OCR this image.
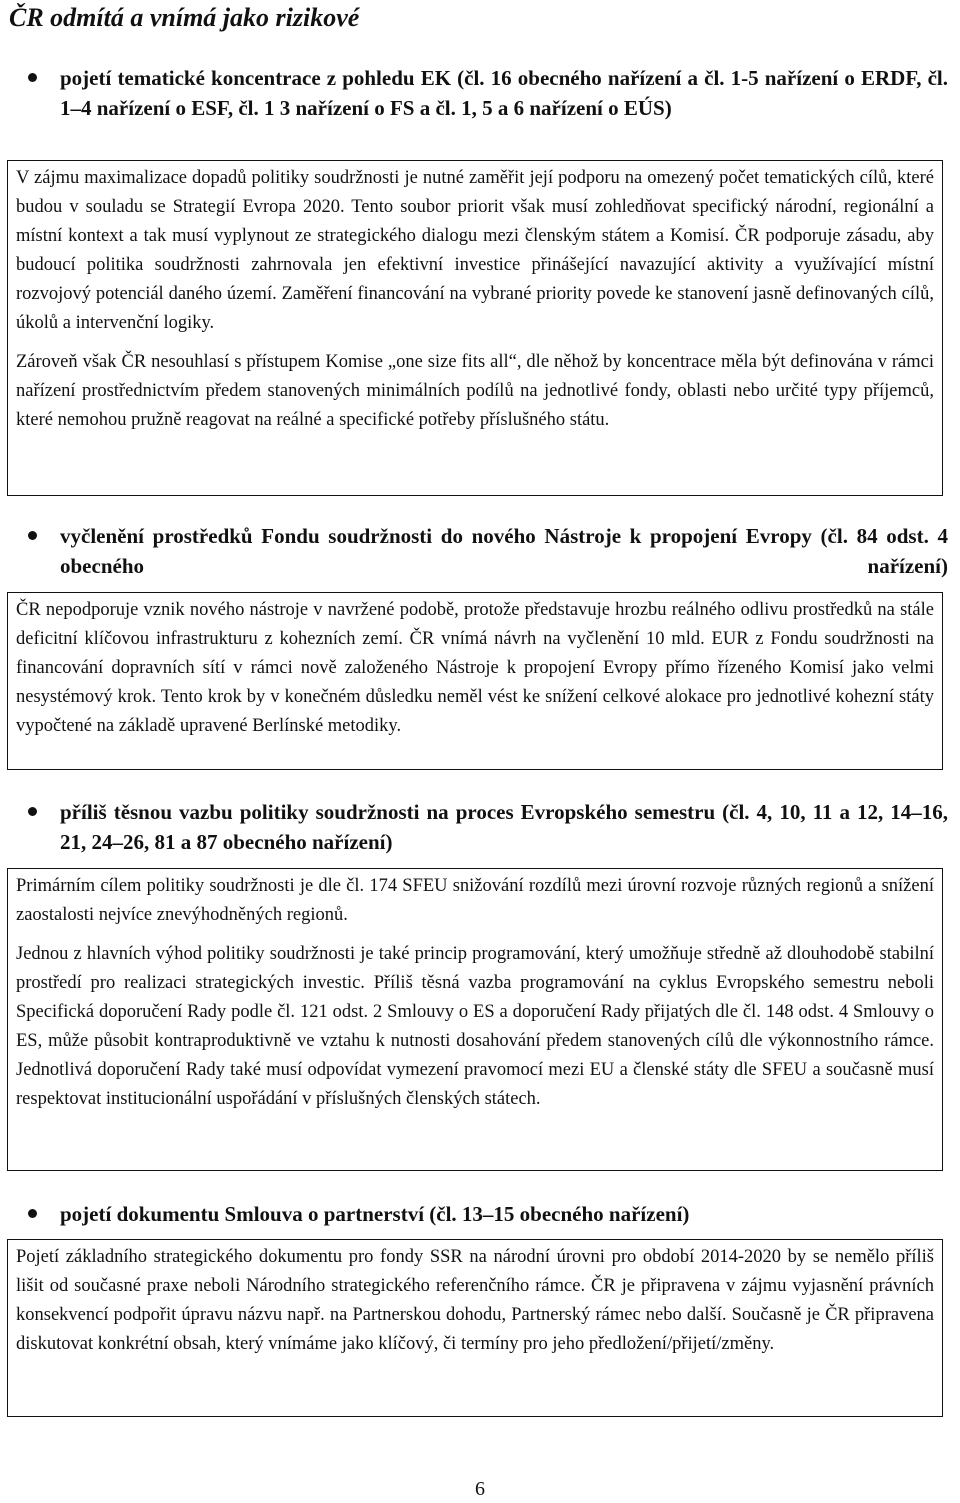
ČR odmítá a vnímá jako rizikové
pojetí tematické koncentrace z pohledu EK (čl. 16 obecného nařízení a čl. 1-5 nařízení o ERDF, čl. 1–4 nařízení o ESF, čl. 1 3 nařízení o FS a čl. 1, 5 a 6 nařízení o EÚS)

V zájmu maximalizace dopadů politiky soudržnosti je nutné zaměřit její podporu na omezený počet tematických cílů, které budou v souladu se Strategií Evropa 2020. Tento soubor priorit však musí zohledňovat specifický národní, regionální a místní kontext a tak musí vyplynout ze strategického dialogu mezi členským státem a Komisí. ČR podporuje zásadu, aby budoucí politika soudržnosti zahrnovala jen efektivní investice přinášející navazující aktivity a využívající místní rozvojový potenciál daného území. Zaměření financování na vybrané priority povede ke stanovení jasně definovaných cílů, úkolů a intervenční logiky.

Zároveň však ČR nesouhlasí s přístupem Komise „one size fits all“, dle něhož by koncentrace měla být definována v rámci nařízení prostřednictvím předem stanovených minimálních podílů na jednotlivé fondy, oblasti nebo určité typy příjemců, které nemohou pružně reagovat na reálné a specifické potřeby příslušného státu.

vyčlenění prostředků Fondu soudržnosti do nového Nástroje k propojení Evropy (čl. 84 odst. 4 obecného nařízení)

ČR nepodporuje vznik nového nástroje v navržené podobě, protože představuje hrozbu reálného odlivu prostředků na stále deficitní klíčovou infrastrukturu z kohezních zemí. ČR vnímá návrh na vyčlenění 10 mld. EUR z Fondu soudržnosti na financování dopravních sítí v rámci nově založeného Nástroje k propojení Evropy přímo řízeného Komisí jako velmi nesystémový krok. Tento krok by v konečném důsledku neměl vést ke snížení celkové alokace pro jednotlivé kohezní státy vypočtené na základě upravené Berlínské metodiky.

příliš těsnou vazbu politiky soudržnosti na proces Evropského semestru (čl. 4, 10, 11 a 12, 14–16, 21, 24–26, 81 a 87 obecného nařízení)

Primárním cílem politiky soudržnosti je dle čl. 174 SFEU snižování rozdílů mezi úrovní rozvoje různých regionů a snížení zaostalosti nejvíce znevýhodněných regionů.

Jednou z hlavních výhod politiky soudržnosti je také princip programování, který umožňuje středně až dlouhodobě stabilní prostředí pro realizaci strategických investic. Příliš těsná vazba programování na cyklus Evropského semestru neboli Specifická doporučení Rady podle čl. 121 odst. 2 Smlouvy o ES a doporučení Rady přijatých dle čl. 148 odst. 4 Smlouvy o ES, může působit kontraproduktivně ve vztahu k nutnosti dosahování předem stanovených cílů dle výkonnostního rámce. Jednotlivá doporučení Rady také musí odpovídat vymezení pravomocí mezi EU a členské státy dle SFEU a současně musí respektovat institucionální uspořádání v příslušných členských státech.

pojetí dokumentu Smlouva o partnerství (čl. 13–15 obecného nařízení)

Pojetí základního strategického dokumentu pro fondy SSR na národní úrovni pro období 2014-2020 by se nemělo příliš lišit od současné praxe neboli Národního strategického referenčního rámce. ČR je připravena v zájmu vyjasnění právních konsekvencí podpořit úpravu názvu např. na Partnerskou dohodu, Partnerský rámec nebo další. Současně je ČR připravena diskutovat konkrétní obsah, který vnímáme jako klíčový, či termíny pro jeho předložení/přijetí/změny.

6
